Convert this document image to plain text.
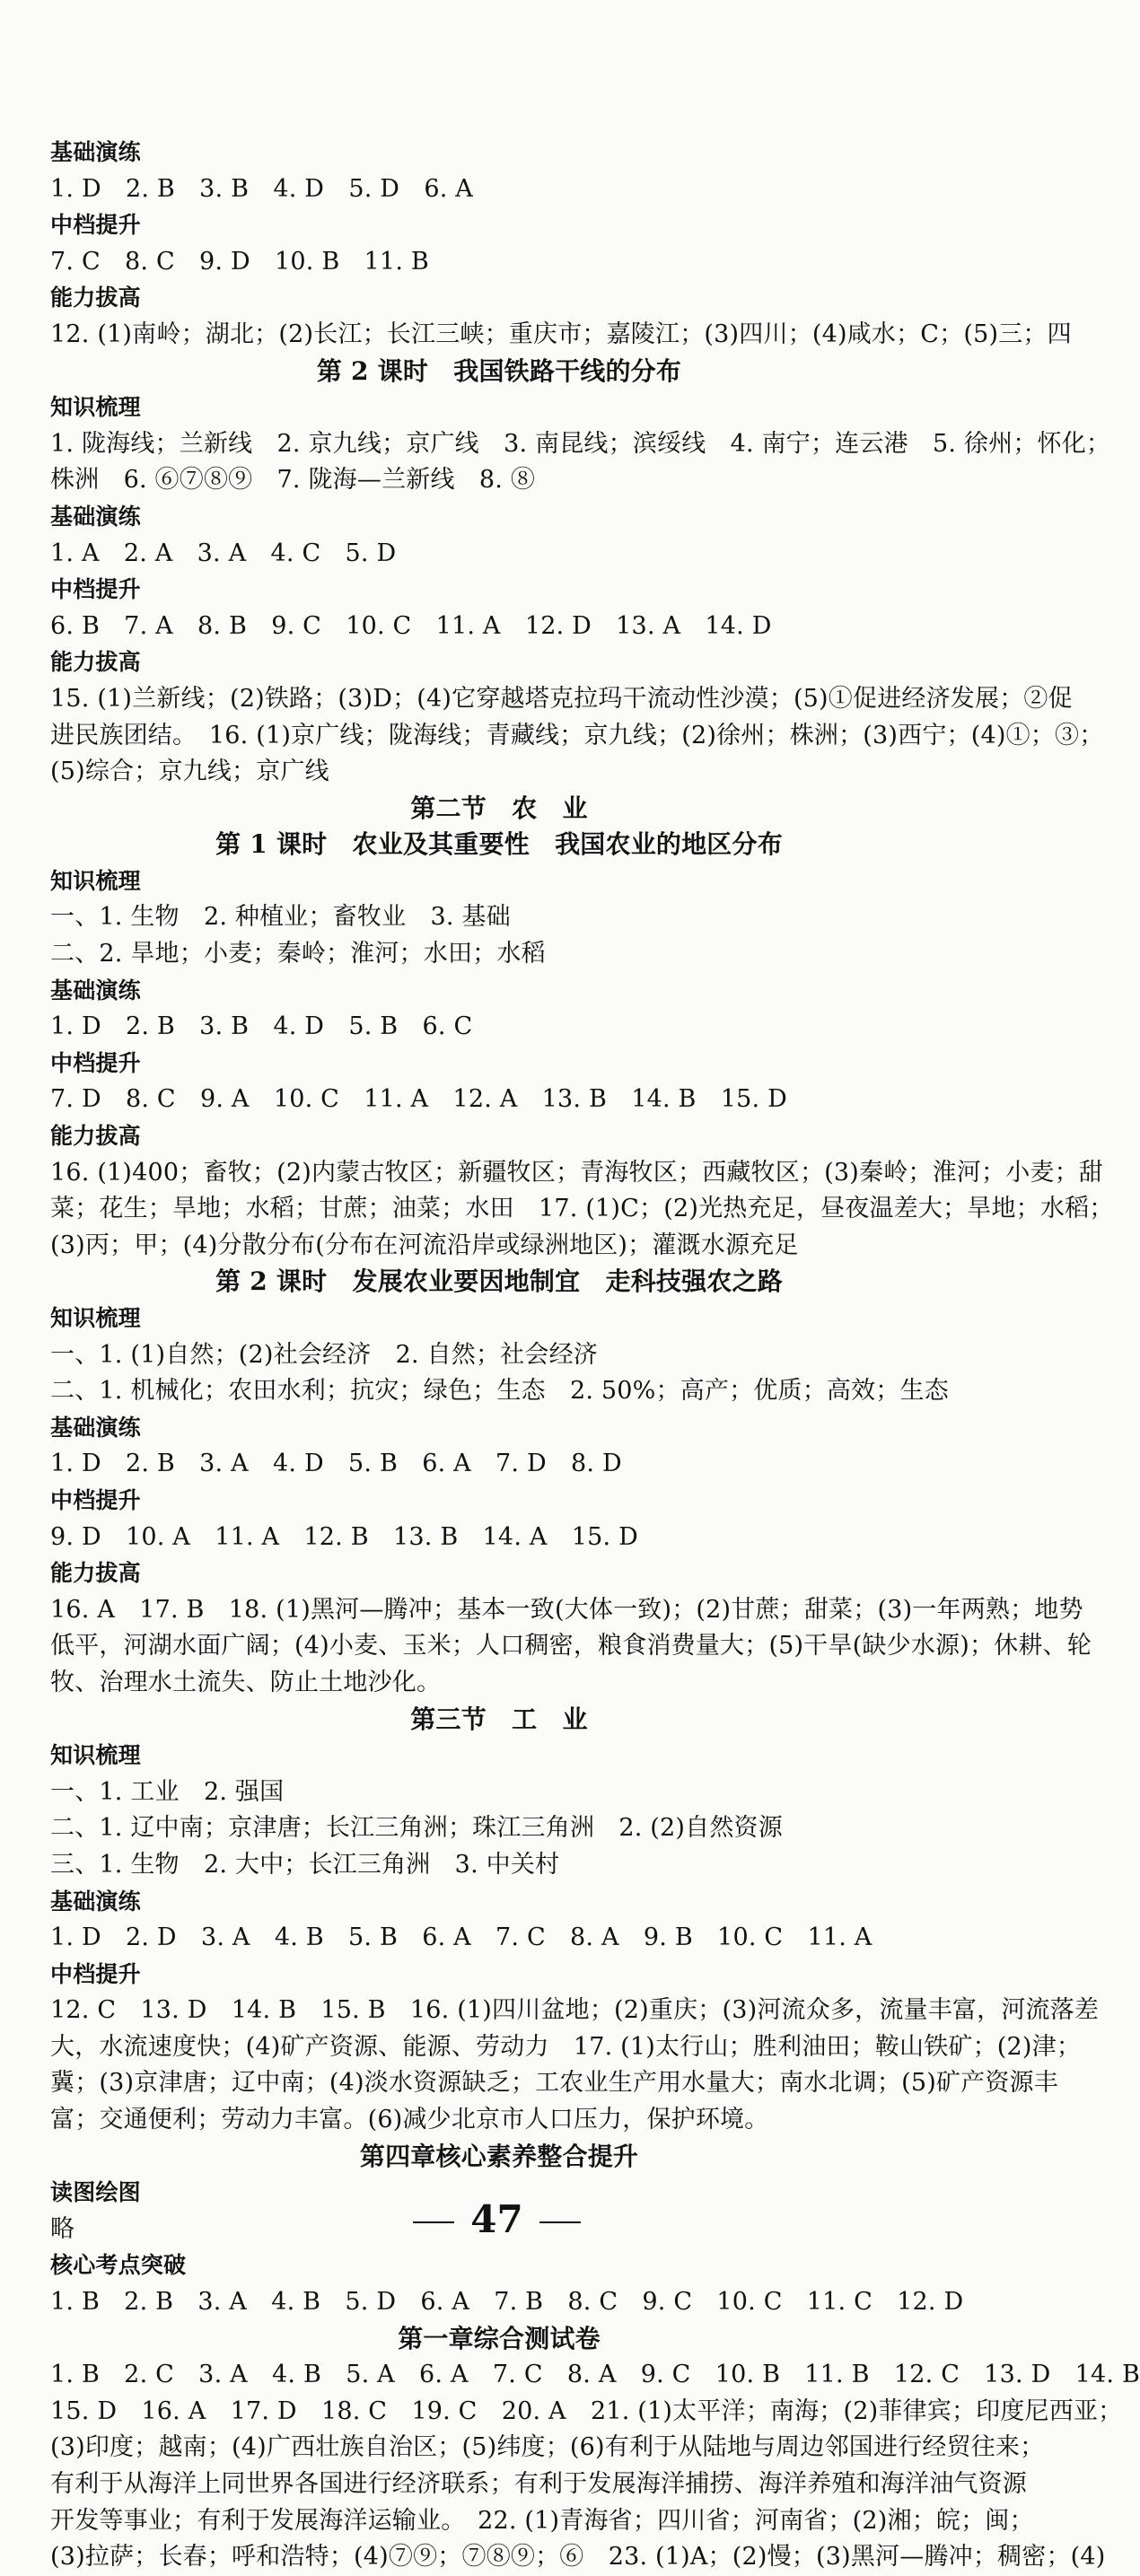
基础演练
1. D　2. B　3. B　4. D　5. D　6. A
中档提升
7. C　8. C　9. D　10. B　11. B
能力拔高
12. (1)南岭；湖北；(2)长江；长江三峡；重庆市；嘉陵江；(3)四川；(4)咸水；C；(5)三；四
第 2 课时　我国铁路干线的分布
知识梳理
1. 陇海线；兰新线　2. 京九线；京广线　3. 南昆线；滨绥线　4. 南宁；连云港　5. 徐州；怀化；
株洲　6. ⑥⑦⑧⑨　7. 陇海—兰新线　8. ⑧
基础演练
1. A　2. A　3. A　4. C　5. D
中档提升
6. B　7. A　8. B　9. C　10. C　11. A　12. D　13. A　14. D
能力拔高
15. (1)兰新线；(2)铁路；(3)D；(4)它穿越塔克拉玛干流动性沙漠；(5)①促进经济发展；②促
进民族团结。　16. (1)京广线；陇海线；青藏线；京九线；(2)徐州；株洲；(3)西宁；(4)①；③；
(5)综合；京九线；京广线
第二节　农　业
第 1 课时　农业及其重要性　我国农业的地区分布
知识梳理
一、1. 生物　2. 种植业；畜牧业　3. 基础
二、2. 旱地；小麦；秦岭；淮河；水田；水稻
基础演练
1. D　2. B　3. B　4. D　5. B　6. C
中档提升
7. D　8. C　9. A　10. C　11. A　12. A　13. B　14. B　15. D
能力拔高
16. (1)400；畜牧；(2)内蒙古牧区；新疆牧区；青海牧区；西藏牧区；(3)秦岭；淮河；小麦；甜
菜；花生；旱地；水稻；甘蔗；油菜；水田　17. (1)C；(2)光热充足，昼夜温差大；旱地；水稻；
(3)丙；甲；(4)分散分布(分布在河流沿岸或绿洲地区)；灌溉水源充足
第 2 课时　发展农业要因地制宜　走科技强农之路
知识梳理
一、1. (1)自然；(2)社会经济　2. 自然；社会经济
二、1. 机械化；农田水利；抗灾；绿色；生态　2. 50%；高产；优质；高效；生态
基础演练
1. D　2. B　3. A　4. D　5. B　6. A　7. D　8. D
中档提升
9. D　10. A　11. A　12. B　13. B　14. A　15. D
能力拔高
16. A　17. B　18. (1)黑河—腾冲；基本一致(大体一致)；(2)甘蔗；甜菜；(3)一年两熟；地势
低平，河湖水面广阔；(4)小麦、玉米；人口稠密，粮食消费量大；(5)干旱(缺少水源)；休耕、轮
牧、治理水土流失、防止土地沙化。
第三节　工　业
知识梳理
一、1. 工业　2. 强国
二、1. 辽中南；京津唐；长江三角洲；珠江三角洲　2. (2)自然资源
三、1. 生物　2. 大中；长江三角洲　3. 中关村
基础演练
1. D　2. D　3. A　4. B　5. B　6. A　7. C　8. A　9. B　10. C　11. A
中档提升
12. C　13. D　14. B　15. B　16. (1)四川盆地；(2)重庆；(3)河流众多，流量丰富，河流落差
大，水流速度快；(4)矿产资源、能源、劳动力　17. (1)太行山；胜利油田；鞍山铁矿；(2)津；
冀；(3)京津唐；辽中南；(4)淡水资源缺乏；工农业生产用水量大；南水北调；(5)矿产资源丰
富；交通便利；劳动力丰富。(6)减少北京市人口压力，保护环境。
第四章核心素养整合提升
读图绘图
略
核心考点突破
1. B　2. B　3. A　4. B　5. D　6. A　7. B　8. C　9. C　10. C　11. C　12. D
第一章综合测试卷
1. B　2. C　3. A　4. B　5. A　6. A　7. C　8. A　9. C　10. B　11. B　12. C　13. D　14. B
15. D　16. A　17. D　18. C　19. C　20. A　21. (1)太平洋；南海；(2)菲律宾；印度尼西亚；
(3)印度；越南；(4)广西壮族自治区；(5)纬度；(6)有利于从陆地与周边邻国进行经贸往来；
有利于从海洋上同世界各国进行经济联系；有利于发展海洋捕捞、海洋养殖和海洋油气资源
开发等事业；有利于发展海洋运输业。　22. (1)青海省；四川省；河南省；(2)湘；皖；闽；
(3)拉萨；长春；呼和浩特；(4)⑦⑨；⑦⑧⑨；⑥　23. (1)A；(2)慢；(3)黑河—腾冲；稠密；(4)
47
